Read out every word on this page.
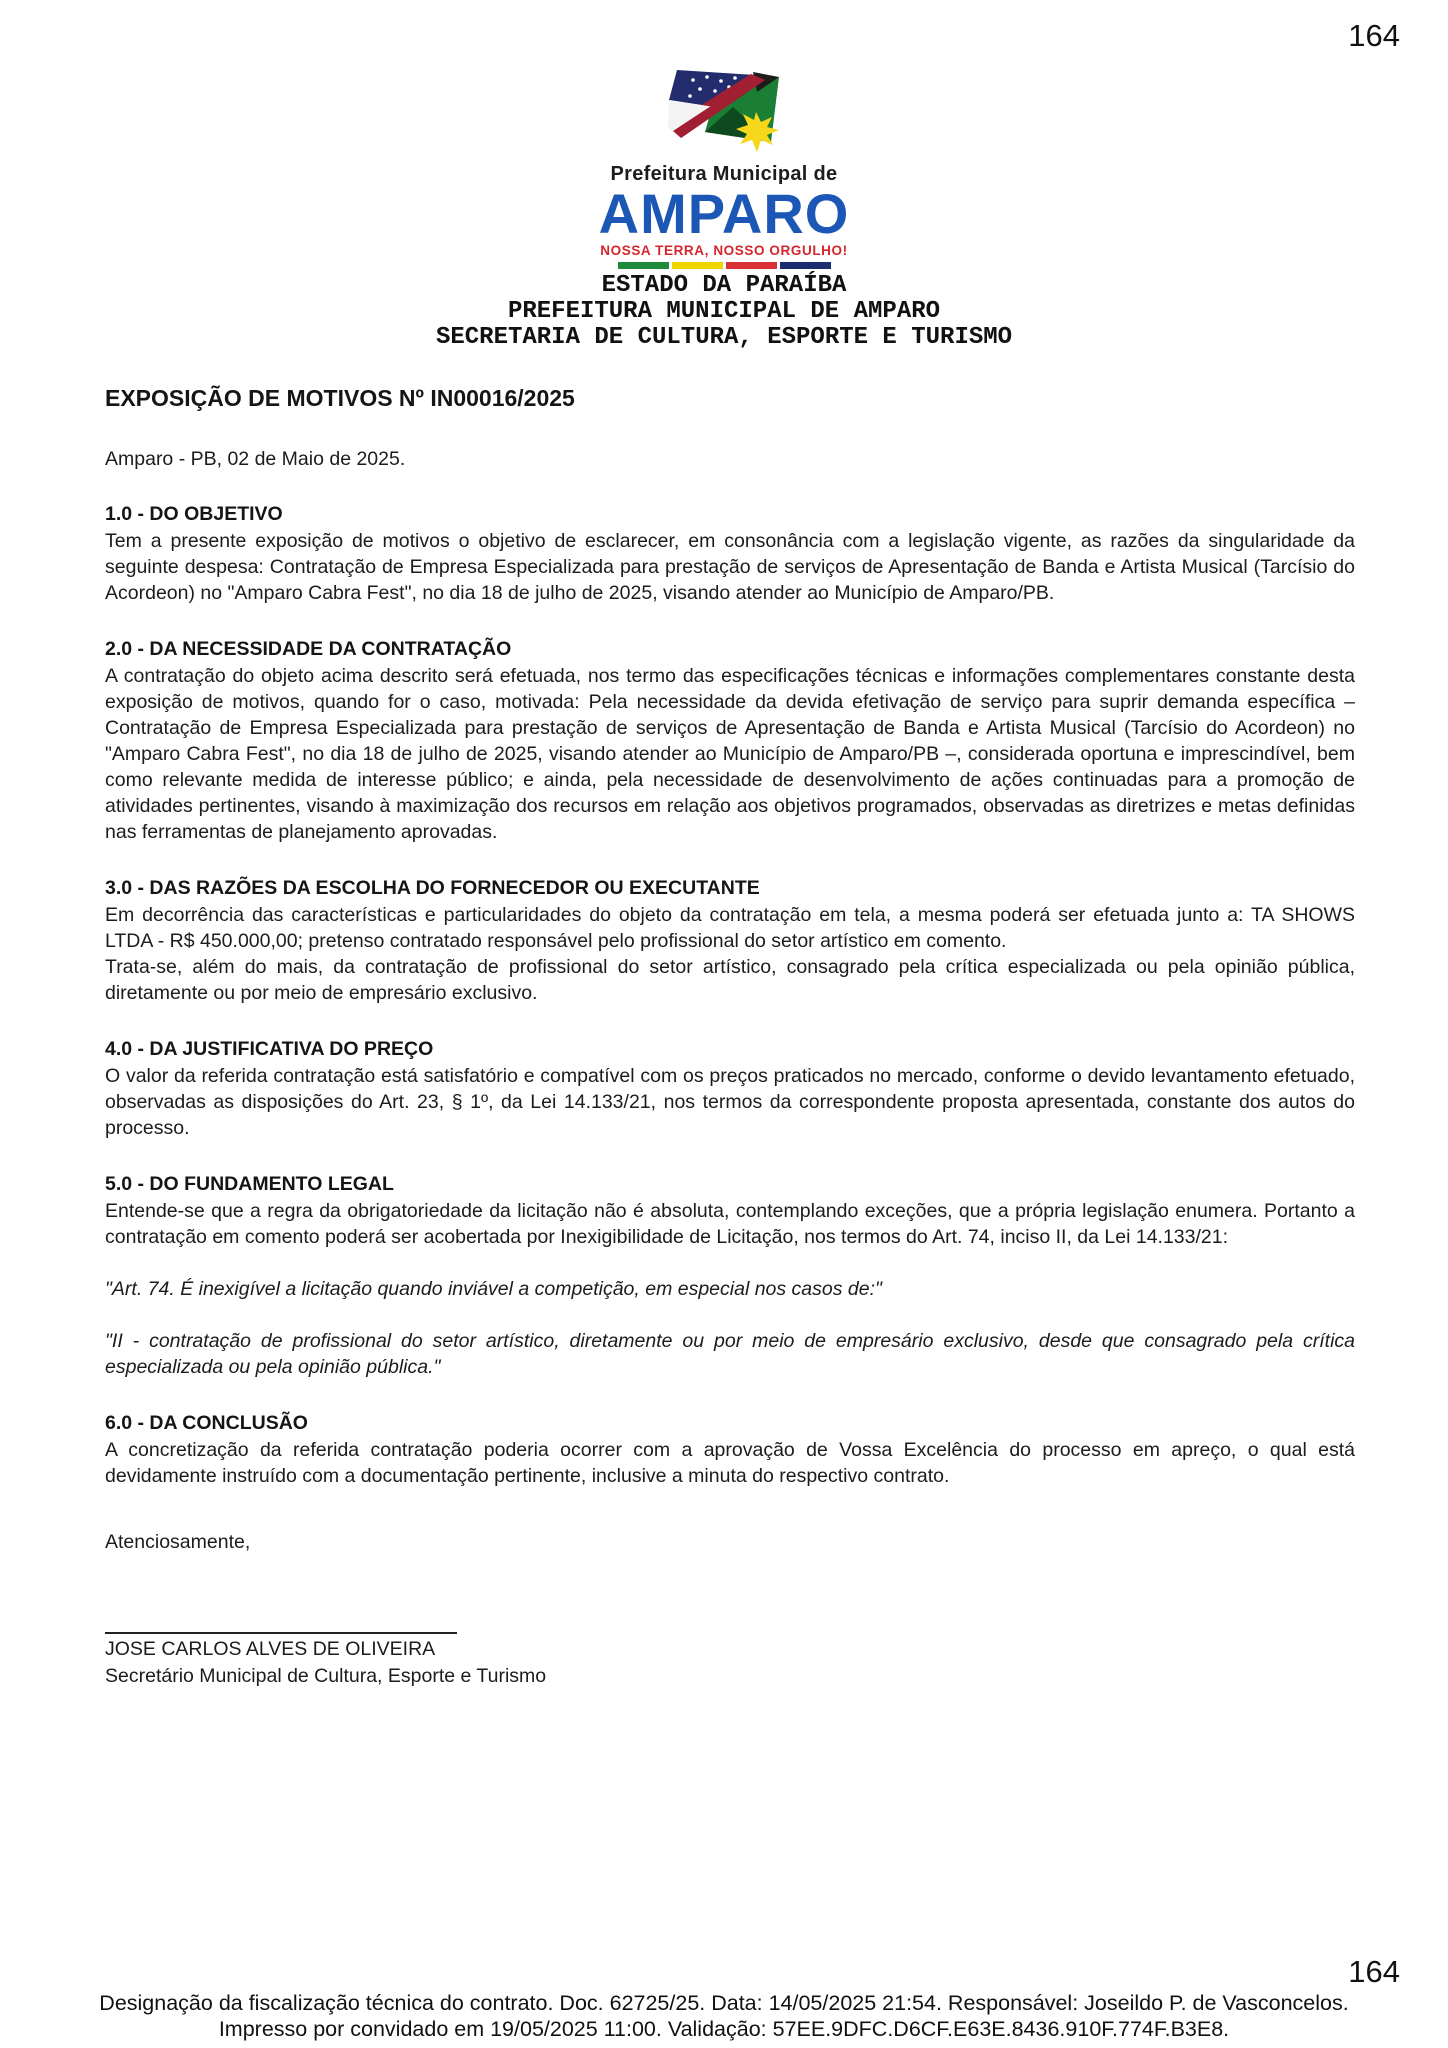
164
Prefeitura Municipal de
AMPARO
NOSSA TERRA, NOSSO ORGULHO!
ESTADO DA PARAÍBA
PREFEITURA MUNICIPAL DE AMPARO
SECRETARIA DE CULTURA, ESPORTE E TURISMO
EXPOSIÇÃO DE MOTIVOS Nº IN00016/2025
Amparo - PB, 02 de Maio de 2025.
1.0 - DO OBJETIVO

Tem a presente exposição de motivos o objetivo de esclarecer, em consonância com a legislação vigente, as razões da singularidade da seguinte despesa: Contratação de Empresa Especializada para prestação de serviços de Apresentação de Banda e Artista Musical (Tarcísio do Acordeon) no "Amparo Cabra Fest", no dia 18 de julho de 2025, visando atender ao Município de Amparo/PB.

2.0 - DA NECESSIDADE DA CONTRATAÇÃO

A contratação do objeto acima descrito será efetuada, nos termo das especificações técnicas e informações complementares constante desta exposição de motivos, quando for o caso, motivada: Pela necessidade da devida efetivação de serviço para suprir demanda específica – Contratação de Empresa Especializada para prestação de serviços de Apresentação de Banda e Artista Musical (Tarcísio do Acordeon) no "Amparo Cabra Fest", no dia 18 de julho de 2025, visando atender ao Município de Amparo/PB –, considerada oportuna e imprescindível, bem como relevante medida de interesse público; e ainda, pela necessidade de desenvolvimento de ações continuadas para a promoção de atividades pertinentes, visando à maximização dos recursos em relação aos objetivos programados, observadas as diretrizes e metas definidas nas ferramentas de planejamento aprovadas.

3.0 - DAS RAZÕES DA ESCOLHA DO FORNECEDOR OU EXECUTANTE

Em decorrência das características e particularidades do objeto da contratação em tela, a mesma poderá ser efetuada junto a: TA SHOWS LTDA - R$ 450.000,00; pretenso contratado responsável pelo profissional do setor artístico em comento.

Trata-se, além do mais, da contratação de profissional do setor artístico, consagrado pela crítica especializada ou pela opinião pública, diretamente ou por meio de empresário exclusivo.

4.0 - DA JUSTIFICATIVA DO PREÇO

O valor da referida contratação está satisfatório e compatível com os preços praticados no mercado, conforme o devido levantamento efetuado, observadas as disposições do Art. 23, § 1º, da Lei 14.133/21, nos termos da correspondente proposta apresentada, constante dos autos do processo.

5.0 - DO FUNDAMENTO LEGAL

Entende-se que a regra da obrigatoriedade da licitação não é absoluta, contemplando exceções, que a própria legislação enumera. Portanto a contratação em comento poderá ser acobertada por Inexigibilidade de Licitação, nos termos do Art. 74, inciso II, da Lei 14.133/21:

"Art. 74. É inexigível a licitação quando inviável a competição, em especial nos casos de:"

"II - contratação de profissional do setor artístico, diretamente ou por meio de empresário exclusivo, desde que consagrado pela crítica especializada ou pela opinião pública."

6.0 - DA CONCLUSÃO

A concretização da referida contratação poderia ocorrer com a aprovação de Vossa Excelência do processo em apreço, o qual está devidamente instruído com a documentação pertinente, inclusive a minuta do respectivo contrato.

Atenciosamente,
JOSE CARLOS ALVES DE OLIVEIRA
Secretário Municipal de Cultura, Esporte e Turismo
164
Designação da fiscalização técnica do contrato. Doc. 62725/25. Data: 14/05/2025 21:54. Responsável: Joseildo P. de Vasconcelos.
Impresso por convidado em 19/05/2025 11:00. Validação: 57EE.9DFC.D6CF.E63E.8436.910F.774F.B3E8.
